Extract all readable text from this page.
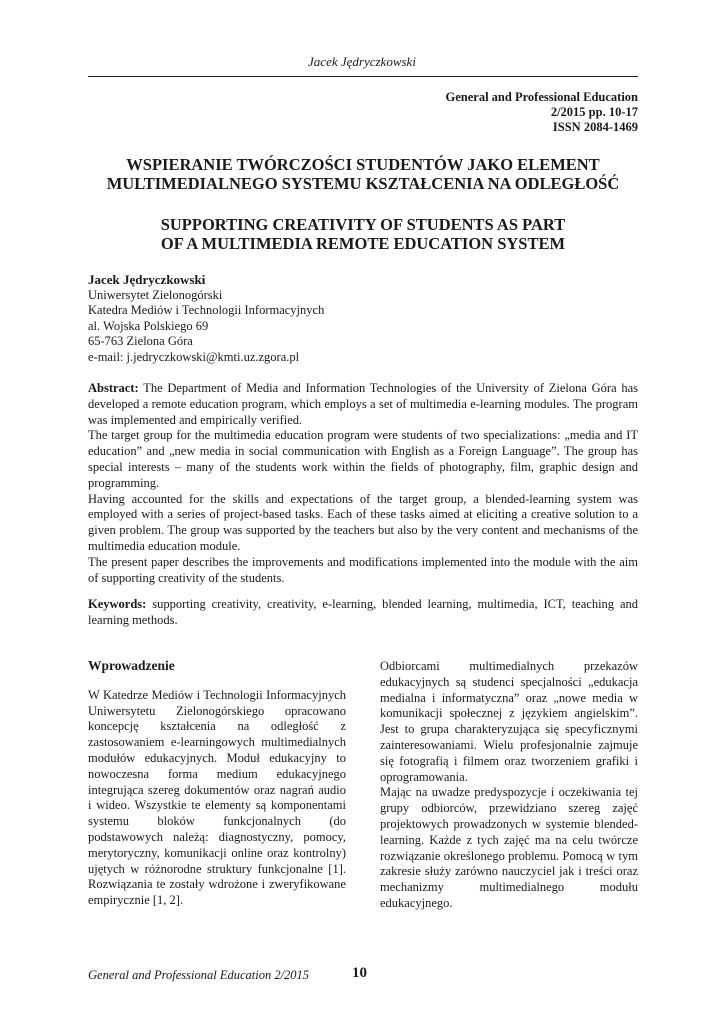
Jacek Jędryczkowski
General and Professional Education
2/2015 pp. 10-17
ISSN 2084-1469
WSPIERANIE TWÓRCZOŚCI STUDENTÓW JAKO ELEMENT
MULTIMEDIALNEGO SYSTEMU KSZTAŁCENIA NA ODLEGŁOŚĆ
SUPPORTING CREATIVITY OF STUDENTS AS PART
OF A MULTIMEDIA REMOTE EDUCATION SYSTEM
Jacek Jędryczkowski
Uniwersytet Zielonogórski
Katedra Mediów i Technologii Informacyjnych
al. Wojska Polskiego 69
65-763 Zielona Góra
e-mail: j.jedryczkowski@kmti.uz.zgora.pl

Abstract: The Department of Media and Information Technologies of the University of Zielona Góra has developed a remote education program, which employs a set of multimedia e-learning modules. The program was implemented and empirically verified.

The target group for the multimedia education program were students of two specializations: „media and IT education” and „new media in social communication with English as a Foreign Language”. The group has special interests – many of the students work within the fields of photography, film, graphic design and programming.

Having accounted for the skills and expectations of the target group, a blended-learning system was employed with a series of project-based tasks. Each of these tasks aimed at eliciting a creative solution to a given problem. The group was supported by the teachers but also by the very content and mechanisms of the multimedia education module.

The present paper describes the improvements and modifications implemented into the module with the aim of supporting creativity of the students.

Keywords: supporting creativity, creativity, e-learning, blended learning, multimedia, ICT, teaching and learning methods.

Wprowadzenie

W Katedrze Mediów i Technologii Informacyjnych Uniwersytetu Zielonogórskiego opracowano koncepcję kształcenia na odległość z zastosowaniem e-learningowych multimedialnych modułów edukacyjnych. Moduł edukacyjny to nowoczesna forma medium edukacyjnego integrująca szereg dokumentów oraz nagrań audio i wideo. Wszystkie te elementy są komponentami systemu bloków funkcjonalnych (do podstawowych należą: diagnostyczny, pomocy, merytoryczny, komunikacji online oraz kontrolny) ujętych w różnorodne struktury funkcjonalne [1]. Rozwiązania te zostały wdrożone i zweryfikowane empirycznie [1, 2].

Odbiorcami multimedialnych przekazów edukacyjnych są studenci specjalności „edukacja medialna i informatyczna” oraz „nowe media w komunikacji społecznej z językiem angielskim”. Jest to grupa charakteryzująca się specyficznymi zainteresowaniami. Wielu profesjonalnie zajmuje się fotografią i filmem oraz tworzeniem grafiki i oprogramowania.

Mając na uwadze predyspozycje i oczekiwania tej grupy odbiorców, przewidziano szereg zajęć projektowych prowadzonych w systemie blended-learning. Każde z tych zajęć ma na celu twórcze rozwiązanie określonego problemu. Pomocą w tym zakresie służy zarówno nauczyciel jak i treści oraz mechanizmy multimedialnego modułu edukacyjnego.

General and Professional Education 2/2015	10
